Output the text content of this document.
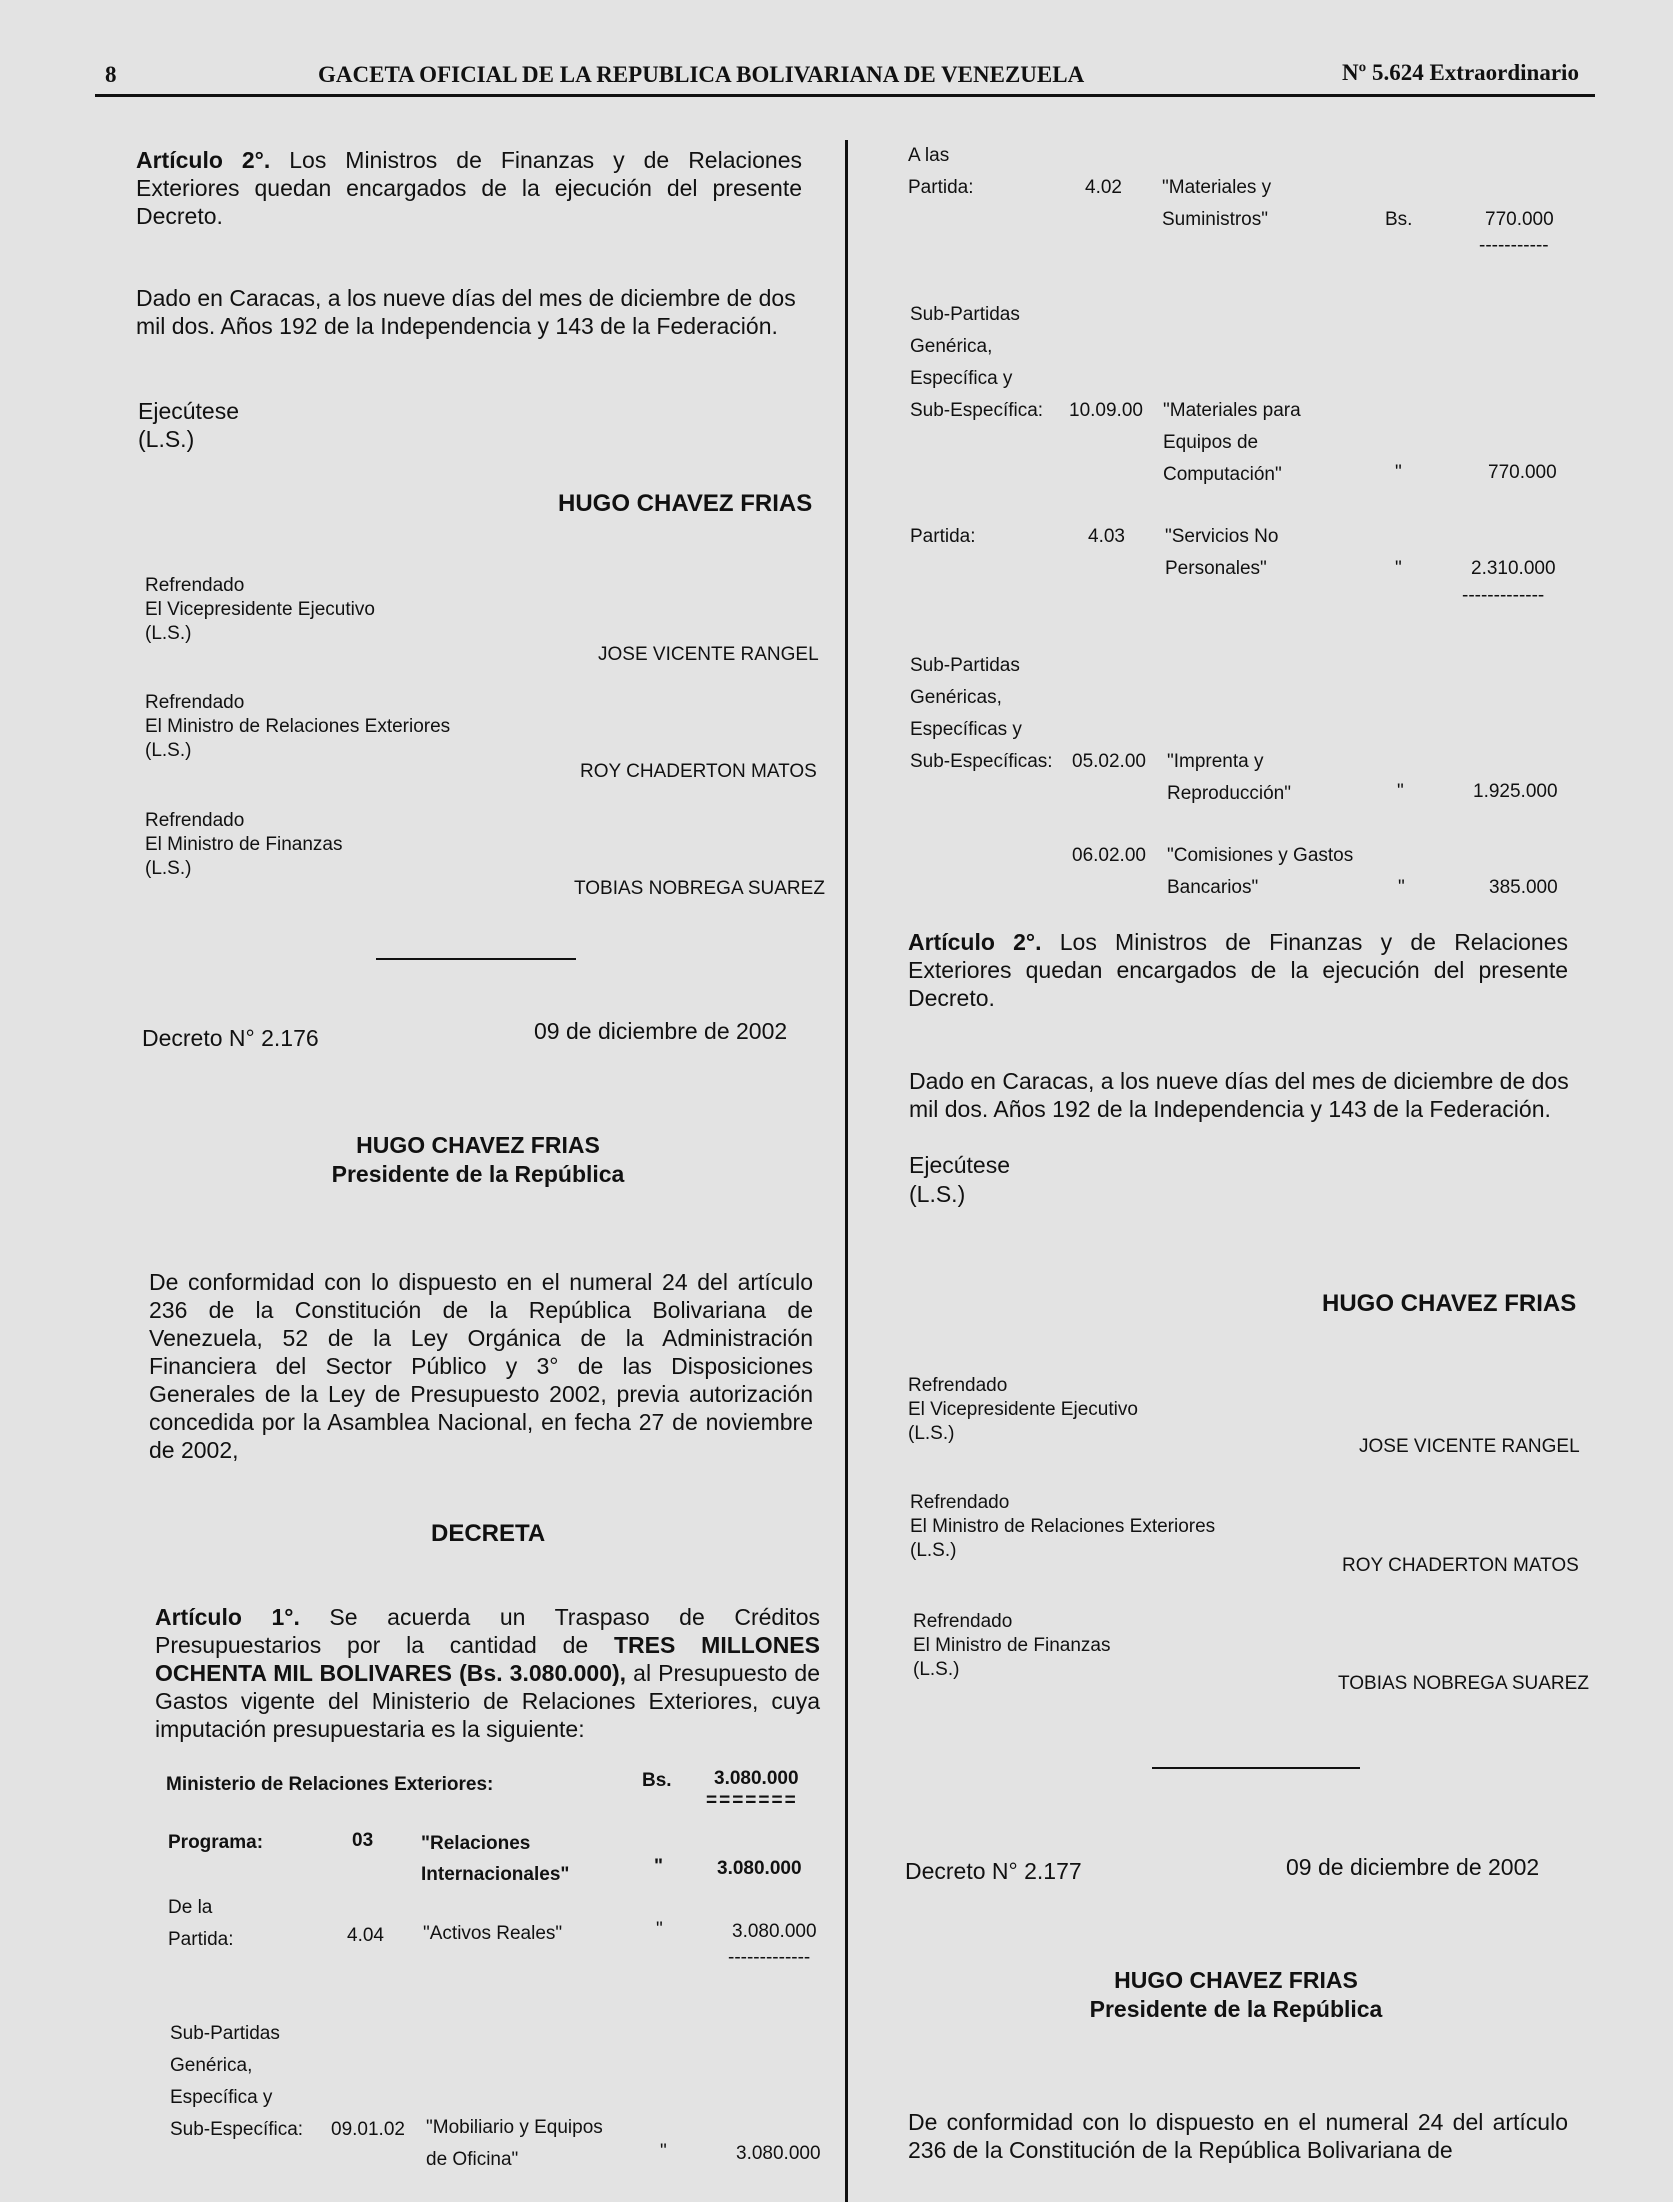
8	GACETA OFICIAL DE LA REPUBLICA BOLIVARIANA DE VENEZUELA	Nº 5.624 Extraordinario

Artículo 2°. Los Ministros de Finanzas y de Relaciones Exteriores quedan encargados de la ejecución del presente Decreto.

Dado en Caracas, a los nueve días del mes de diciembre de dos mil dos. Años 192 de la Independencia y 143 de la Federación.

Ejecútese
(L.S.)
HUGO CHAVEZ FRIAS
Refrendado
El Vicepresidente Ejecutivo
(L.S.)
JOSE VICENTE RANGEL
Refrendado
El Ministro de Relaciones Exteriores
(L.S.)
ROY CHADERTON MATOS
Refrendado
El Ministro de Finanzas
(L.S.)
TOBIAS NOBREGA SUAREZ
Decreto N° 2.176	09 de diciembre de 2002
HUGO CHAVEZ FRIAS
Presidente de la República

De conformidad con lo dispuesto en el numeral 24 del artículo 236 de la Constitución de la República Bolivariana de Venezuela, 52 de la Ley Orgánica de la Administración Financiera del Sector Público y 3° de las Disposiciones Generales de la Ley de Presupuesto 2002, previa autorización concedida por la Asamblea Nacional, en fecha 27 de noviembre de 2002,

DECRETA

Artículo 1°. Se acuerda un Traspaso de Créditos Presupuestarios por la cantidad de TRES MILLONES OCHENTA MIL BOLIVARES (Bs. 3.080.000), al Presupuesto de Gastos vigente del Ministerio de Relaciones Exteriores, cuya imputación presupuestaria es la siguiente:

Ministerio de Relaciones Exteriores:	Bs. 3.080.000
=======
Programa:	03	"Relaciones
Internacionales"	"	3.080.000
De la
Partida:	4.04 "Activos Reales"	"	3.080.000
-------------
Sub-Partidas
Genérica,
Específica y
Sub-Específica: 09.01.02 "Mobiliario y Equipos
de Oficina"	"	3.080.000
A las
Partida:	4.02 "Materiales y
Suministros"	Bs.	770.000
-----------
Sub-Partidas
Genérica,
Específica y
Sub-Específica: 10.09.00 "Materiales para
Equipos de
Computación"	"	770.000
Partida:	4.03 "Servicios No
Personales"	"	2.310.000
-------------
Sub-Partidas
Genéricas,
Específicas y
Sub-Específicas: 05.02.00 "Imprenta y
Reproducción"	"	1.925.000
06.02.00 "Comisiones y Gastos
Bancarios"	"	385.000

Artículo 2°. Los Ministros de Finanzas y de Relaciones Exteriores quedan encargados de la ejecución del presente Decreto.

Dado en Caracas, a los nueve días del mes de diciembre de dos mil dos. Años 192 de la Independencia y 143 de la Federación.

Ejecútese
(L.S.)
HUGO CHAVEZ FRIAS
Refrendado
El Vicepresidente Ejecutivo
(L.S.)
JOSE VICENTE RANGEL
Refrendado
El Ministro de Relaciones Exteriores
(L.S.)
ROY CHADERTON MATOS
Refrendado
El Ministro de Finanzas
(L.S.)
TOBIAS NOBREGA SUAREZ
Decreto N° 2.177	09 de diciembre de 2002
HUGO CHAVEZ FRIAS
Presidente de la República

De conformidad con lo dispuesto en el numeral 24 del artículo 236 de la Constitución de la República Bolivariana de
